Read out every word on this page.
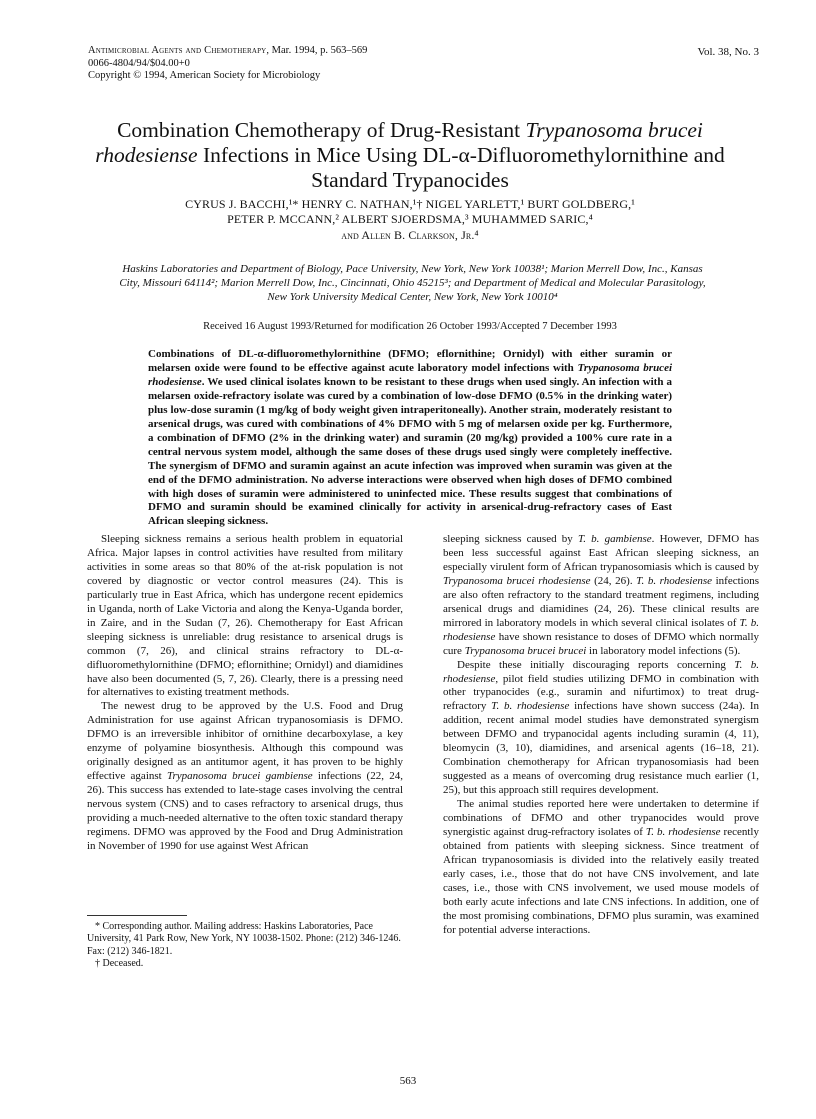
Antimicrobial Agents and Chemotherapy, Mar. 1994, p. 563–569
0066-4804/94/$04.00+0
Copyright © 1994, American Society for Microbiology
Vol. 38, No. 3
Combination Chemotherapy of Drug-Resistant Trypanosoma brucei rhodesiense Infections in Mice Using DL-α-Difluoromethylornithine and Standard Trypanocides
CYRUS J. BACCHI,¹* HENRY C. NATHAN,¹† NIGEL YARLETT,¹ BURT GOLDBERG,¹
PETER P. MCCANN,² ALBERT SJOERDSMA,³ MUHAMMED SARIC,⁴
and Allen B. Clarkson, Jr.⁴
Haskins Laboratories and Department of Biology, Pace University, New York, New York 10038¹; Marion Merrell Dow, Inc., Kansas City, Missouri 64114²; Marion Merrell Dow, Inc., Cincinnati, Ohio 45215³; and Department of Medical and Molecular Parasitology, New York University Medical Center, New York, New York 10010⁴
Received 16 August 1993/Returned for modification 26 October 1993/Accepted 7 December 1993
Combinations of DL-α-difluoromethylornithine (DFMO; eflornithine; Ornidyl) with either suramin or melarsen oxide were found to be effective against acute laboratory model infections with Trypanosoma brucei rhodesiense. We used clinical isolates known to be resistant to these drugs when used singly. An infection with a melarsen oxide-refractory isolate was cured by a combination of low-dose DFMO (0.5% in the drinking water) plus low-dose suramin (1 mg/kg of body weight given intraperitoneally). Another strain, moderately resistant to arsenical drugs, was cured with combinations of 4% DFMO with 5 mg of melarsen oxide per kg. Furthermore, a combination of DFMO (2% in the drinking water) and suramin (20 mg/kg) provided a 100% cure rate in a central nervous system model, although the same doses of these drugs used singly were completely ineffective. The synergism of DFMO and suramin against an acute infection was improved when suramin was given at the end of the DFMO administration. No adverse interactions were observed when high doses of DFMO combined with high doses of suramin were administered to uninfected mice. These results suggest that combinations of DFMO and suramin should be examined clinically for activity in arsenical-drug-refractory cases of East African sleeping sickness.

Sleeping sickness remains a serious health problem in equatorial Africa. Major lapses in control activities have resulted from military activities in some areas so that 80% of the at-risk population is not covered by diagnostic or vector control measures (24). This is particularly true in East Africa, which has undergone recent epidemics in Uganda, north of Lake Victoria and along the Kenya-Uganda border, in Zaire, and in the Sudan (7, 26). Chemotherapy for East African sleeping sickness is unreliable: drug resistance to arsenical drugs is common (7, 26), and clinical strains refractory to DL-α-difluoromethylornithine (DFMO; eflornithine; Ornidyl) and diamidines have also been documented (5, 7, 26). Clearly, there is a pressing need for alternatives to existing treatment methods.

The newest drug to be approved by the U.S. Food and Drug Administration for use against African trypanosomiasis is DFMO. DFMO is an irreversible inhibitor of ornithine decarboxylase, a key enzyme of polyamine biosynthesis. Although this compound was originally designed as an antitumor agent, it has proven to be highly effective against Trypanosoma brucei gambiense infections (22, 24, 26). This success has extended to late-stage cases involving the central nervous system (CNS) and to cases refractory to arsenical drugs, thus providing a much-needed alternative to the often toxic standard therapy regimens. DFMO was approved by the Food and Drug Administration in November of 1990 for use against West African

sleeping sickness caused by T. b. gambiense. However, DFMO has been less successful against East African sleeping sickness, an especially virulent form of African trypanosomiasis which is caused by Trypanosoma brucei rhodesiense (24, 26). T. b. rhodesiense infections are also often refractory to the standard treatment regimens, including arsenical drugs and diamidines (24, 26). These clinical results are mirrored in laboratory models in which several clinical isolates of T. b. rhodesiense have shown resistance to doses of DFMO which normally cure Trypanosoma brucei brucei in laboratory model infections (5).

Despite these initially discouraging reports concerning T. b. rhodesiense, pilot field studies utilizing DFMO in combination with other trypanocides (e.g., suramin and nifurtimox) to treat drug-refractory T. b. rhodesiense infections have shown success (24a). In addition, recent animal model studies have demonstrated synergism between DFMO and trypanocidal agents including suramin (4, 11), bleomycin (3, 10), diamidines, and arsenical agents (16–18, 21). Combination chemotherapy for African trypanosomiasis had been suggested as a means of overcoming drug resistance much earlier (1, 25), but this approach still requires development.

The animal studies reported here were undertaken to determine if combinations of DFMO and other trypanocides would prove synergistic against drug-refractory isolates of T. b. rhodesiense recently obtained from patients with sleeping sickness. Since treatment of African trypanosomiasis is divided into the relatively easily treated early cases, i.e., those that do not have CNS involvement, and late cases, i.e., those with CNS involvement, we used mouse models of both early acute infections and late CNS infections. In addition, one of the most promising combinations, DFMO plus suramin, was examined for potential adverse interactions.

* Corresponding author. Mailing address: Haskins Laboratories, Pace University, 41 Park Row, New York, NY 10038-1502. Phone: (212) 346-1246. Fax: (212) 346-1821.

† Deceased.

563
